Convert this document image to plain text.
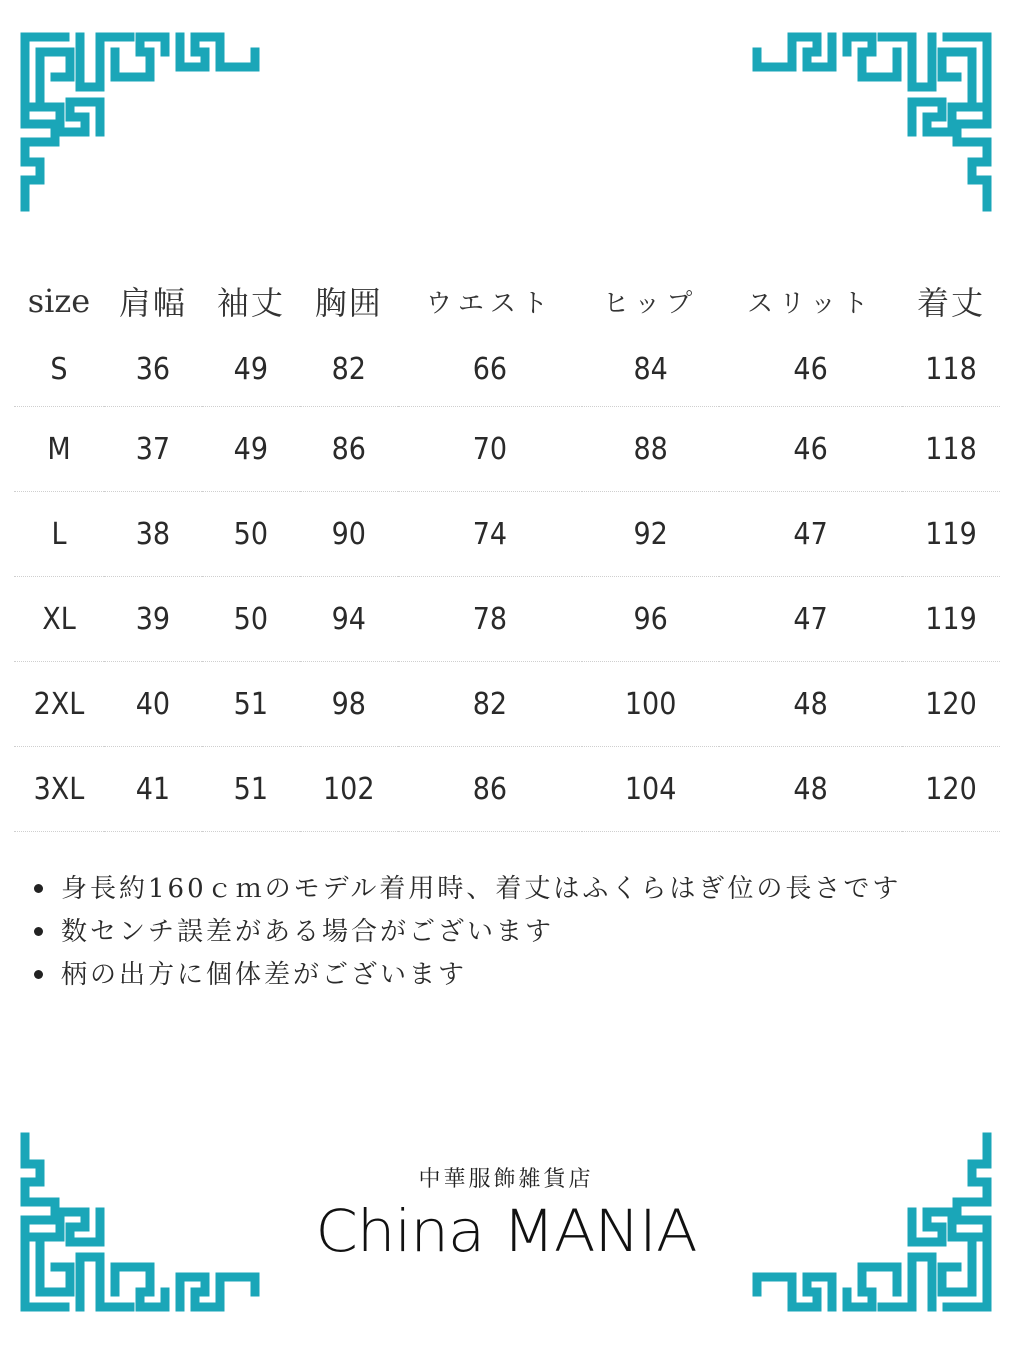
size	肩幅	袖丈	胸囲	ウエスト	ヒップ	スリット	着丈
S	36	49	82	66	84	46	118
M	37	49	86	70	88	46	118
L	38	50	90	74	92	47	119
XL	39	50	94	78	96	47	119
2XL	40	51	98	82	100	48	120
3XL	41	51	102	86	104	48	120
身長約160ｃｍのモデル着用時、着丈はふくらはぎ位の長さです
数センチ誤差がある場合がございます
柄の出方に個体差がございます
中華服飾雑貨店
China MANIA
